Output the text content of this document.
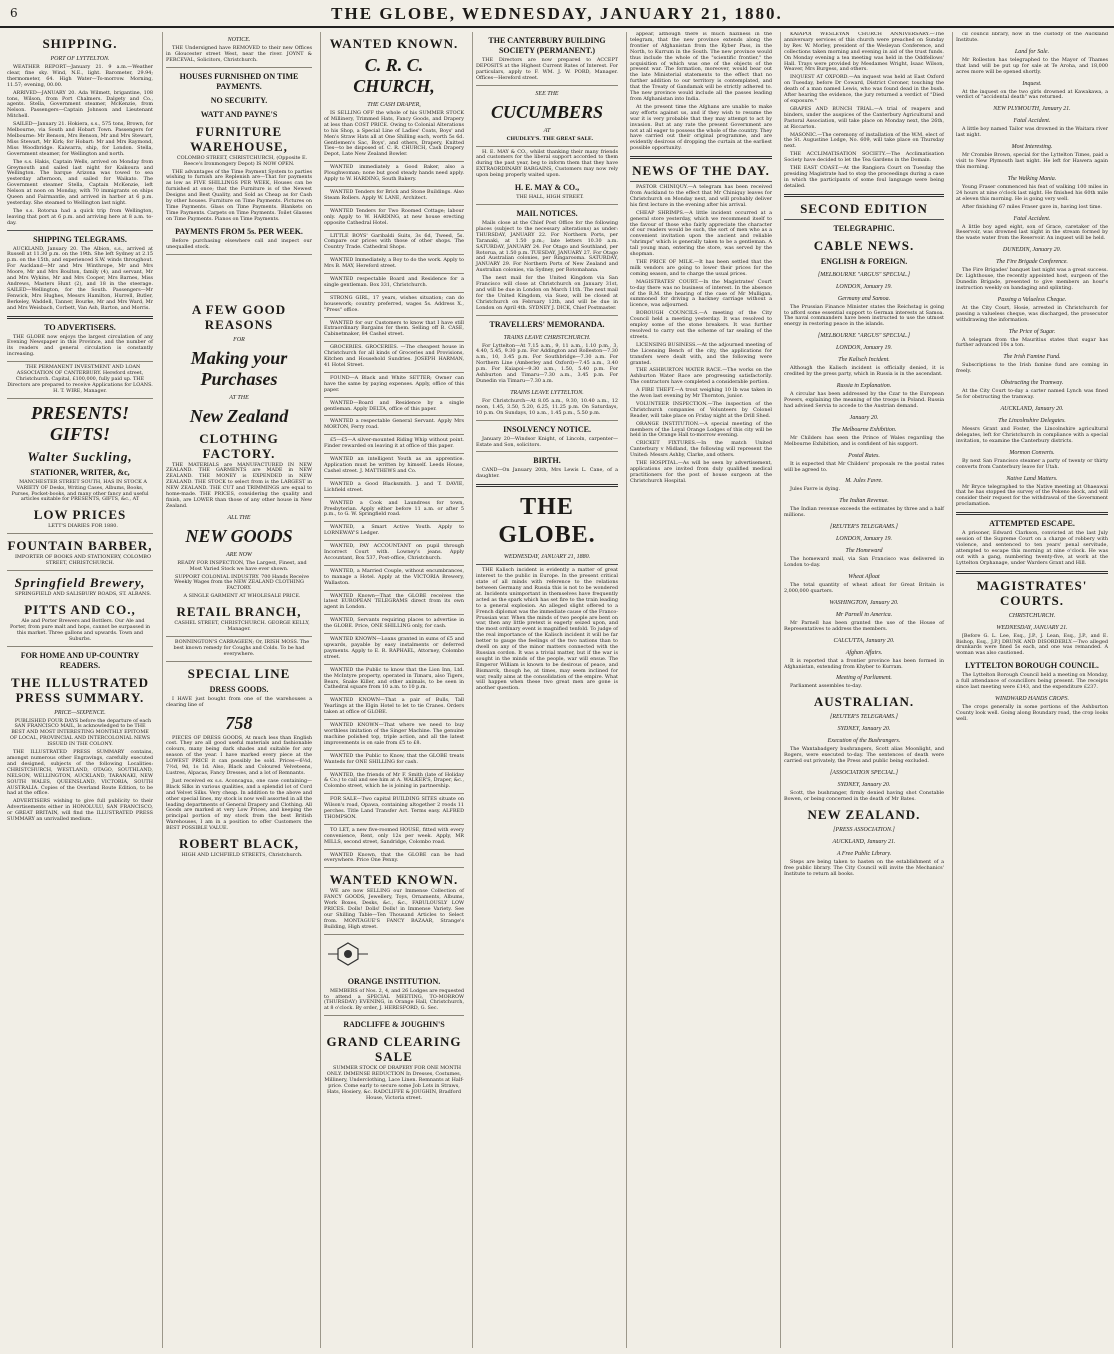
6	THE GLOBE, WEDNESDAY, JANUARY 21, 1880.
SHIPPING.
PORT OF LYTTELTON.

WEATHER REPORT—January 21. 9 a.m.—Weather clear, fine sky. Wind, N.E., light. Barometer, 29.94; thermometer, 64. High Water—To-morrow. Morning, 11.57; evening, 00.00.

ARRIVED—JANUARY 20. Ada Wilmett, brigantine, 108 tons, Wilson, from Port Chalmers. Dalgety and Co., agents. Stella, Government steamer, McKenzie, from Nelson. Passengers—Captain Johnson and Lieutenant Mitchell.

SAILED—January 21. Hokiera, s.s., 575 tons, Brown, for Melbourne, via South and Hobart Town. Passengers for Melbourne: Mr Benson, Mrs Benson, Mr and Mrs Stewart, Miss Stewart, Mr Kirk; for Hobart: Mr and Mrs Raymond, Miss Woodbridge. Kaiwarra, ship, for London. Stella, Government steamer, for Wellington and north.

The s.s. Hakis, Captain Wells, arrived on Monday from Greymouth and sailed last night for Kaikoura and Wellington. The barque Arizona was towed to sea yesterday afternoon, and sailed for Waikato. The Government steamer Stella, Captain McKenzie, left Nelson at noon on Monday, with 70 immigrants on ships Queen and Fairmantle, and arrived in harbor at 6 p.m. yesterday. She steamed to Wellington last night.

The s.s. Rotorua had a quick trip from Wellington, leaving that port at 6 p.m. and arriving here at 8 a.m. to-day.

SHIPPING TELEGRAMS.

AUCKLAND, January 20. The Albion, s.s., arrived at Russell at 11.30 p.m. on the 19th. She left Sydney at 2.15 p.m. on the 15th, and experienced S.W. winds throughout. For Auckland—Mr and Mrs Winthrope, Mr and Mrs Moore, Mr and Mrs Boulton, family (4), and servant, Mr and Mrs Wykins, Mr and Mrs Cooper, Mrs Barnes, Miss Andrews, Masters Hunt (2), and 18 in the steerage. SAILED—Wellington, for the South. Passengers—Mr Fenwick, Mrs Hughes, Messrs Hamilton, Hurrell, Butler, Berkeley, Waddell, Tanner, Bourke, Mr and Mrs Ward, Mr and Mrs Weisbach, Corbett, Van Ash, Barton, and Morris.

TO ADVERTISERS.

THE GLOBE now enjoys the largest circulation of any Evening Newspaper in this Province, and the number of its readers and general circulation is constantly increasing.

THE PERMANENT INVESTMENT AND LOAN ASSOCIATION OF CANTERBURY. Hereford street, Christchurch. Capital, £100,000, fully paid up. THE Directors are prepared to receive Applications for LOANS. H. T. WIRE, Manager.

PRESENTS! GIFTS!
Walter Suckling,
STATIONER, WRITER, &c,

MANCHESTER STREET SOUTH, HAS IN STOCK A VARIETY OF Desks, Writing Cases, Albums, Books, Purses, Pocket-books, and many other fancy and useful articles suitable for PRESENTS, GIFTS, &c., AT

LOW PRICES

LETT'S DIARIES FOR 1880.

FOUNTAIN BARBER,

IMPORTER OF BOOKS AND STATIONERY, COLOMBO STREET, CHRISTCHURCH.

Springfield Brewery,

SPRINGFIELD AND SALISBURY ROADS, ST. ALBANS.

PITTS AND CO.,

Ale and Porter Brewers and Bottlers. Our Ale and Porter, from pure malt and hops, cannot be surpassed in this market. Three gallons and upwards. Town and Suburbs.

FOR HOME AND UP-COUNTRY READERS.
THE ILLUSTRATED PRESS SUMMARY.
PRICE—SIXPENCE.

PUBLISHED FOUR DAYS before the departure of each SAN FRANCISCO MAIL, Is acknowledged to be THE BEST AND MOST INTERESTING MONTHLY EPITOME OF LOCAL, PROVINCIAL AND INTERCOLONIAL NEWS ISSUED IN THE COLONY.

THE ILLUSTRATED PRESS SUMMARY contains, amongst numerous other Engravings, carefully executed and designed, subjects of the following Localities: CHRISTCHURCH, WESTLAND, OTAGO, SOUTHLAND, NELSON, WELLINGTON, AUCKLAND, TARANAKI, NEW SOUTH WALES, QUEENSLAND, VICTORIA, SOUTH AUSTRALIA. Copies of the Overland Route Edition, to be had at the office.

ADVERTISERS wishing to give full publicity to their Advertisements either in HONOLULU, SAN FRANCISCO, or GREAT BRITAIN, will find the ILLUSTRATED PRESS SUMMARY an unrivalled medium.

NOTICE.

THE Undersigned have REMOVED to their new Offices in Gloucester street West, near the river. JOYNT & PERCEVAL, Solicitors, Christchurch.

HOUSES FURNISHED ON TIME PAYMENTS.
NO SECURITY.
WATT AND PAYNE'S
FURNITURE WAREHOUSE,

COLOMBO STREET, CHRISTCHURCH, (Opposite E. Reece's Ironmongery Depot) IS NOW OPEN.

THE advantages of the Time Payment System to parties wishing to furnish are Replenish are—That for payments as low as FIVE SHILLINGS PER WEEK, Houses can be furnished at once; that the Furniture is of the Newest Designs and Best Quality, and Sold as Cheap as for Cash by other houses. Furniture on Time Payments. Pictures on Time Payments. Glass on Time Payments. Blankets on Time Payments. Carpets on Time Payments. Toilet Glasses on Time Payments. Pianos on Time Payments.

PAYMENTS FROM 5s. PER WEEK.

Before purchasing elsewhere call and inspect our unequalled stock.

A FEW GOOD REASONS
FOR
Making your Purchases
AT THE
New Zealand
CLOTHING FACTORY.

THE MATERIALS are MANUFACTURED IN NEW ZEALAND. THE GARMENTS are MADE in NEW ZEALAND. THE MONEY is EXPENDED in NEW ZEALAND. THE STOCK to select from is the LARGEST in NEW ZEALAND. THE CUT and TRIMMINGS are equal to home-made. THE PRICES, considering the quality and finish, are LOWER than those of any other house in New Zealand.

ALL THE
NEW GOODS
ARE NOW

READY FOR INSPECTION, The Largest, Finest, and Most Varied Stock we have ever shown.

SUPPORT COLONIAL INDUSTRY. 700 Hands Receive Weekly Wages from the NEW ZEALAND CLOTHING FACTORY.

A SINGLE GARMENT AT WHOLESALE PRICE.

RETAIL BRANCH,

CASHEL STREET, CHRISTCHURCH. GEORGE KELLY, Manager.

BONNINGTON'S CARRAGEEN; Or, IRISH MOSS. The best known remedy for Coughs and Colds. To be had everywhere.

SPECIAL LINE
DRESS GOODS.

I HAVE just bought from one of the warehouses a clearing line of

758

PIECES OF DRESS GOODS, At much less than English cost. They are all good useful materials and fashionable colours, many being dark shades and suitable for any season of the year. I have marked every piece at the LOWEST PRICE it can possibly be sold. Prices—6½d, 7½d, 9d, 1s 1d. Also, Black and Coloured Velveteens, Lustres, Alpacas, Fancy Dresses, and a lot of Remnants.

Just received ex s.s. Aconcagua, one case containing—Black Silks in various qualities, and a splendid lot of Cord and Velvet Silks. Very cheap. In addition to the above and other special lines, my stock is now well assorted in all the leading departments of General Drapery and Clothing. All Goods are marked at very Low Prices, and keeping the principal portion of my stock from the best British Warehouses, I am in a position to offer Customers the BEST POSSIBLE VALUE.

ROBERT BLACK,

HIGH AND LICHFIELD STREETS, Christchurch.

WANTED KNOWN.
C. R. C. CHURCH,
THE CASH DRAPER,

IS SELLING OFF the whole of his SUMMER STOCK of Millinery, Trimmed Hats, Fancy Goods, and Drapery at less than COST PRICE. Owing to Colonial Alterations to his Shop, a Special Line of Ladies' Coats, Boys' and Men's Straw Hats all at One Shilling each, worth 5s 6d. Gentlemen's Sac, Boys', and others, Drapery, Knitted Ties—to be disposed of. C. R. CHURCH, Cash Drapery Depot, Late New Zealand Bowler.

WANTED immediately a Good Baker, also a Ploughwoman; none but good steady hands need apply. Apply to W. HARDING, South Bakery.

WANTED Tenders for Brick and Stone Buildings. Also Steam Rollers. Apply W. LANE, Architect.

WANTED Tenders for Two Roomed Cottage; labour only. Apply to W. HARDING, at new house erecting opposite Cathedral Hotel.

LITTLE BOYS' Garibaldi Suits, 3s 6d, Tweed, 5s. Compare our prices with those of other shops. The Country Trade. Cathedral Shops.

WANTED Immediately, a Boy to do the work. Apply to Mrs B. MAY, Hereford street.

WANTED respectable Board and Residence for a single gentleman. Box 331, Christchurch.

STRONG GIRL, 17 years, wishes situation; can do housework; country preferred, wages 5s. Address X., "Press" office.

WANTED for our Customers to know that I have still Extraordinary Bargains for them. Selling off B. CASE, Cabinetmaker, 84 Cashel street.

GROCERIES. GROCERIES. —The cheapest house in Christchurch for all kinds of Groceries and Provisions, Kitchen and Household Sundries. JOSEPH HARMAN, 41 Hotel Street.

FOUND—A Black and White SETTER; Owner can have the same by paying expenses. Apply, office of this paper.

WANTED—Board and Residence by a single gentleman. Apply DELTA, office of this paper.

WANTED a respectable General Servant. Apply Mrs MORTON, Ferry road.

£5—£5—A silver-mounted Riding Whip without point. Finder rewarded on leaving it at office of this paper.

WANTED an intelligent Youth as an apprentice. Application must be written by himself. Leeds House, Cashel street. J. MATTHEWS and Co.

WANTED a Good Blacksmith. J. and T. DAVIE, Lichfield street.

WANTED a Cook and Laundress for town, Presbyterian. Apply either before 11 a.m. or after 5 p.m., to G. W. Springfield road.

WANTED, a Smart Active Youth. Apply to LORNEWAY'S Ledger.

WANTED, PAY ACCOUNTANT on pupil through Incorrect Court with. Lowney's jeans. Apply Accountant, Box 537, Post-office, Christchurch.

WANTED, a Married Couple, without encumbrances, to manage a Hotel. Apply at the VICTORIA Brewery, Wallaston.

WANTED Known—That the GLOBE receives the latest EUROPEAN TELEGRAMS direct from its own agent in London.

WANTED, Servants requiring places to advertise in the GLOBE. Price, ONE SHILLING only, for cash.

WANTED KNOWN—Loans granted in sums of £5 and upwards, payable by easy instalments or deferred payments. Apply to E. R. RAPHAEL, Attorney, Colombo street.

WANTED the Public to know that the Lion Inn, Ltd. the McIntyre property, operated in Timaru, also Tigers, Bears, Snake Killer, and other animals, to be seen in Cathedral square from 10 a.m. to 10 p.m.

WANTED KNOWN—That a pair of Bulls, Tall Yearlings at the Elgin Hotel to let to tie Cranes. Orders taken at office of GLOBE.

WANTED KNOWN—That where we need to buy worthless imitation of the Singer Machine. The genuine machine polished top, triple action, and all the latest improvements is on sale from £5 to £8.

WANTED the Public to Know, that the GLOBE treats Wanteds for ONE SHILLING for cash.

WANTED, the friends of Mr F. Smith (late of Holiday & Co.) to call and see him at A. WALKER'S, Draper, &c., Colombo street, which he is joining in partnership.

FOR SALE—Two capital BUILDING SITES situate on Wilson's road, Opawa, containing altogether 2 roods 11 perches. Title Land Transfer Act. Terms easy. ALFRED THOMPSON.

TO LET, a new five-roomed HOUSE, fitted with every convenience, Rent, only 12s per week. Apply, MR MILLS, second street, Sandridge, Colombo road.

WANTED Known, that the GLOBE can be had everywhere. Price One Penny.

WANTED KNOWN.

WE are now SELLING our Immense Collection of FANCY GOODS, Jewellery, Toys, Ornaments, Albums, Work Boxes, Desks, &c., &c., FABULOUSLY LOW PRICES. Dolls! Dolls! Dolls! in Immense Variety. See our Shilling Table—Ten Thousand Articles to Select from. MONTAGUE'S FANCY BAZAAR, Strange's Building, High street.

ORANGE INSTITUTION.

MEMBERS of Nos. 2, 4, and 26 Lodges are requested to attend a SPECIAL MEETING, TO-MORROW (THURSDAY) EVENING, in Orange Hall, Christchurch, at 8 o'clock. By order, J. HERESFORD, G. Sec.

RADCLIFFE & JOUGHIN'S
GRAND CLEARING SALE

SUMMER STOCK OF DRAPERY FOR ONE MONTH ONLY. IMMENSE REDUCTION In Dresses, Costumes, Millinery, Underclothing, Lace Linen. Remnants at Half-price. Come early to secure some Job Lots in Straws, Hats, Hosiery, &c. RADCLIFFE & JOUGHIN, Bradford House, Victoria street.

THE CANTERBURY BUILDING SOCIETY (PERMANENT.)

THE Directors are now prepared to ACCEPT DEPOSITS at the Highest Current Rates of Interest. For particulars, apply to F. WM. J. W. PORD, Manager. Offices—Hereford street.

SEE THE
CUCUMBERS
AT

CHUDLEY'S. THE GREAT SALE.

H. E. MAY & CO., whilst thanking their many friends and customers for the liberal support accorded to them during the past year, beg to inform them that they have EXTRAORDINARY BARGAINS, Customers may now rely upon being properly waited upon.

H. E. MAY & CO.,

THE HALL, HIGH STREET.

MAIL NOTICES.

Mails close at the Chief Post Office for the following places (subject to the necessary alterations) as under: THURSDAY, JANUARY 22. For Northern Ports, per Taranaki, at 1.50 p.m.; late letters 10.30 a.m. SATURDAY, JANUARY 24. For Otago and Southland, per Rotorua, at 1.50 p.m. TUESDAY, JANUARY 27. For Otago and Australian colonies, per Ringarooma. SATURDAY, JANUARY 29. For Northern Ports of New Zealand and Australian colonies, via Sydney, per Rotomahana.

The next mail for the United Kingdom via San Francisco will close at Christchurch on January 31st, and will be due in London on March 11th. The next mail for the United Kingdom, via Suez, will be closed at Christchurch on February 12th, and will be due in London on April 4th. SYDNEY J. DICK, Chief Postmaster.

TRAVELLERS' MEMORANDA.
TRAINS LEAVE CHRISTCHURCH.

For Lyttelton—At 7.15 a.m., 9, 11 a.m., 1.10 p.m., 3, 4.40, 5.45, 9.30 p.m. For Addington and Rolleston—7.30 a.m., 10, 3.45 p.m. For Southbridge—7.30 a.m. For Northern Line (Amberley and Oxford)—7.45 a.m., 3.40 p.m. For Kaiapoi—9.30 a.m., 1.50, 5.40 p.m. For Ashburton and Timaru—7.30 a.m., 3.45 p.m. For Dunedin via Timaru—7.30 a.m.

TRAINS LEAVE LYTTELTON.

For Christchurch—At 8.05 a.m., 9.30, 10.40 a.m., 12 noon, 1.45, 3.50, 5.20, 6.25, 11.25 p.m. On Saturdays, 10 p.m. On Sundays, 10 a.m., 1.45 p.m., 5.50 p.m.

INSOLVENCY NOTICE.

January 20—Windsor Knight, of Lincoln, carpenter—Estate and Son, solicitors.

BIRTH.

CAND—On January 20th, Mrs Lewis L. Cane, of a daughter.

THE GLOBE.
WEDNESDAY, JANUARY 21, 1880.

THE Kalisch incident is evidently a matter of great interest to the public in Europe. In the present critical state of all minds with reference to the relations between Germany and Russia this is not to be wondered at. Incidents unimportant in themselves have frequently acted as the spark which has set fire to the train leading to a general explosion. An alleged slight offered to a French diplomat was the immediate cause of the Franco-Prussian war. When the minds of two people are bent on war, then any little pretext is eagerly seized upon, and the most ordinary event is magnified tenfold. To judge of the real importance of the Kalisch incident it will be far better to gauge the feelings of the two nations than to dwell on any of the minor matters connected with the Russian cordon. It was a trivial matter, but if the war is sought in the minds of the people, war will ensue. The Emperor William is known to be desirous of peace, and Bismarck, though he, at times, may seem inclined for war, really aims at the consolidation of the empire. What will happen when these two great men are gone is another question.

appear, although there is much haziness in the telegram, that the new province extends along the frontier of Afghanistan from the Kyber Pass, in the North, to Kurrum in the South. The new province would thus include the whole of the "scientific frontier," the acquisition of which was one of the objects of the present war. The formation, moreover, would bear out the late Ministerial statements to the effect that no further addition to our territory is contemplated, and that the Treaty of Gandamak will be strictly adhered to. The new province would include all the passes leading from Afghanistan into India.

At the present time the Afghans are unable to make any efforts against us, and if they wish to resume the war it is very probable that they may attempt to act by invasion. But at any rate the present Government are not at all eager to possess the whole of the country. They have carried out their original programme, and are evidently desirous of dropping the curtain at the earliest possible opportunity.

NEWS OF THE DAY.

PASTOR CHINIQUY.—A telegram has been received from Auckland to the effect that Mr Chiniquy leaves for Christchurch on Monday next, and will probably deliver his first lecture in the evening after his arrival.

CHEAP SHRIMPS.—A little incident occurred at a general store yesterday, which we recommend itself to the favour of those who fairly appreciate the character of our readers would be such, the sort of men who as a convenient invitation upon the ancient and reliable "shrimps" which is generally taken to be a gentleman. A tall young man, entering the store, was served by the shopman.

THE PRICE OF MILK.—It has been settled that the milk vendors are going to lower their prices for the coming season, and to charge the usual prices.

MAGISTRATES' COURT.—In the Magistrates' Court to-day there was no business of interest. In the absence of the R.M. the hearing of the case of Mr Mulligan, summoned for driving a hackney carriage without a licence, was adjourned.

BOROUGH COUNCILS.—A meeting of the City Council held a meeting yesterday. It was resolved to employ some of the stone breakers. It was further resolved to carry out the scheme of tar sealing of the streets.

LICENSING BUSINESS.—At the adjourned meeting of the Licensing Bench of the city, the applications for transfers were dealt with, and the following were granted.

THE ASHBURTON WATER RACE.—The works on the Ashburton Water Race are progressing satisfactorily. The contractors have completed a considerable portion.

A FIRE THEFT.—A trout weighing 10 lb was taken in the Avon last evening by Mr Thornton, junior.

VOLUNTEER INSPECTION.—The inspection of the Christchurch companies of Volunteers by Colonel Reader, will take place on Friday night at the Drill Shed.

ORANGE INSTITUTION.—A special meeting of the members of the Loyal Orange Lodges of this city will be held in the Orange Hall to-morrow evening.

CRICKET FIXTURES.—In the match United Canterbury v Midland, the following will represent the United: Messrs Ashby, Clarke, and others.

THE HOSPITAL.—As will be seen by advertisement, applications are invited from duly qualified medical practitioners for the post of house surgeon at the Christchurch Hospital.

KAIAPOI WESLEYAN CHURCH ANNIVERSARY.—The anniversary services of this church were preached on Sunday by Rev. W. Morley, president of the Wesleyan Conference, and collections taken morning and evening in aid of the trust funds. On Monday evening a tea meeting was held in the Oddfellows' Hall. Trays were provided by Mesdames Wright, Isaac Wilson, Weaver, Mrs Burgess, and others.

INQUEST AT OXFORD.—An inquest was held at East Oxford on Tuesday, before Dr Coward, District Coroner, touching the death of a man named Lewis, who was found dead in the bush. After hearing the evidence, the jury returned a verdict of "Died of exposure."

GRAPES AND BUNCH TRIAL.—A trial of reapers and binders, under the auspices of the Canterbury Agricultural and Pastoral Association, will take place on Monday next, the 26th, at Riccarton.

MASONIC.—The ceremony of installation of the W.M. elect of the St. Augustine Lodge, No. 609, will take place on Thursday next.

THE ACCLIMATISATION SOCIETY.—The Acclimatisation Society have decided to let the Tea Gardens in the Domain.

THE EAST COAST.—At the Rangiora Court on Tuesday the presiding Magistrate had to stop the proceedings during a case in which the participants of some foul language were being detailed.

SECOND EDITION
TELEGRAPHIC.
CABLE NEWS.
ENGLISH & FOREIGN.
[MELBOURNE "ARGUS" SPECIAL.]
LONDON, January 19.
Germany and Samoa.

The Prussian Finance Minister states the Reichstag is going to afford some essential support to German interests at Samoa. The naval commanders have been instructed to use the utmost energy in restoring peace in the islands.

[MELBOURNE "ARGUS" SPECIAL.]
LONDON, January 19.
The Kalisch Incident.

Although the Kalisch incident is officially denied, it is credited by the press party, which in Russia is in the ascendant.

Russia in Explanation.

A circular has been addressed by the Czar to the European Powers, explaining the meaning of the troops in Poland. Russia had advised Servia to accede to the Austrian demand.

January 20.
The Melbourne Exhibition.

Mr Childers has seen the Prince of Wales regarding the Melbourne Exhibition, and is confident of his support.

Postal Rates.

It is expected that Mr Childers' proposals re the postal rates will be agreed to.

M. Jules Favre.

Jules Favre is dying.

The Indian Revenue.

The Indian revenue exceeds the estimates by three and a half millions.

[REUTER'S TELEGRAMS.]
LONDON, January 19.
The Homeward

The homeward mail, via San Francisco was delivered in London to-day.

Wheat Afloat

The total quantity of wheat afloat for Great Britain is 2,000,000 quarters.

WASHINGTON, January 20.
Mr Parnell in America.

Mr Parnell has been granted the use of the House of Representatives to address the members.

CALCUTTA, January 20.
Afghan Affairs.

It is reported that a frontier province has been formed in Afghanistan, extending from Khyber to Kurram.

Meeting of Parliament.

Parliament assembles to-day.

AUSTRALIAN.
[REUTER'S TELEGRAMS.]
SYDNEY, January 20.
Execution of the Bushrangers.

The Wantabadgery bushrangers, Scott alias Moonlight, and Rogers, were executed to-day. The sentences of death were carried out privately, the Press and public being excluded.

[ASSOCIATION SPECIAL.]
SYDNEY, January 20.

Scott, the bushranger, firmly denied having shot Constable Bowen, or being concerned in the death of Mr Bates.

NEW ZEALAND.
[PRESS ASSOCIATION.]
AUCKLAND, January 21.
A Free Public Library.

Steps are being taken to hasten on the establishment of a free public library. The City Council will invite the Mechanics' Institute to return all books.

cil council library, now in the custody of the Auckland Institute.

Land for Sale.

Mr Rolleston has telegraphed to the Mayor of Thames that land will be put up for sale at Te Aroha, and 18,000 acres more will be opened shortly.

Inquest.

At the inquest on the two girls drowned at Kawakawa, a verdict of "accidental death" was returned.

NEW PLYMOUTH, January 21.
Fatal Accident.

A little boy named Tailor was drowned in the Waitara river last night.

Most Interesting.

Mr Crombie Brown, special for the Lyttelton Times, paid a visit to New Plymouth last night. He left for Hawera again this morning.

The Walking Mania.

Young Fraser commenced his feat of walking 100 miles in 24 hours at nine o'clock last night. He finished his 60th mile at eleven this morning. He is going very well.

After finishing 67 miles Fraser gave in, having lost time.

Fatal Accident.

A little boy aged eight, son of Grace, caretaker of the Reservoir, was drowned last night in the stream formed by the waste water from the Reservoir. An inquest will be held.

DUNEDIN, January 20.
The Fire Brigade Conference.

The Fire Brigades' banquet last night was a great success. Dr. Lighthouse, the recently appointed host, surgeon of the Dunedin Brigade, presented to give members an hour's instruction weekly on bandaging and splinting.

Passing a Valueless Cheque.

At the City Court, Hosie, arrested in Christchurch for passing a valueless cheque, was discharged, the prosecutor withdrawing the information.

The Price of Sugar.

A telegram from the Mauritius states that sugar has further advanced 10s a ton.

The Irish Famine Fund.

Subscriptions to the Irish famine fund are coming in freely.

Obstructing the Tramway.

At the City Court to-day a carter named Lynch was fined 5s for obstructing the tramway.

AUCKLAND, January 20.
The Lincolnshire Delegates.

Messrs Grant and Foster, the Lincolnshire agricultural delegates, left for Christchurch in compliance with a special invitation, to examine the Canterbury districts.

Mormon Converts.

By next San Francisco steamer a party of twenty or thirty converts from Canterbury leave for Utah.

Native Land Matters.

Mr Bryce telegraphed to the Native meeting at Ohaeawai that he has stopped the survey of the Pokeno block, and will consider their request for the withdrawal of the Government proclamation.

ATTEMPTED ESCAPE.

A prisoner, Edward Clarkson, convicted at the last July session of the Supreme Court on a charge of robbery with violence, and sentenced to ten years' penal servitude, attempted to escape this morning at nine o'clock. He was out with a gang, numbering twenty-five, at work at the Lyttelton Orphanage, under Warders Grant and Hill.

MAGISTRATES' COURTS.
CHRISTCHURCH.
WEDNESDAY, JANUARY 21.

[Before G. L. Lee, Esq., J.P., J. Lean, Esq., J.P., and E. Bishop, Esq., J.P.] DRUNK AND DISORDERLY.—Two alleged drunkards were fined 5s each, and one was remanded. A woman was also cautioned.

LYTTELTON BOROUGH COUNCIL.

The Lyttelton Borough Council held a meeting on Monday, a full attendance of councillors being present. The receipts since last meeting were £143, and the expenditure £237.

WINDWARD HANDS CROPS.

The crops generally in some portions of the Ashburton County look well. Going along Boundary road, the crop looks well.
